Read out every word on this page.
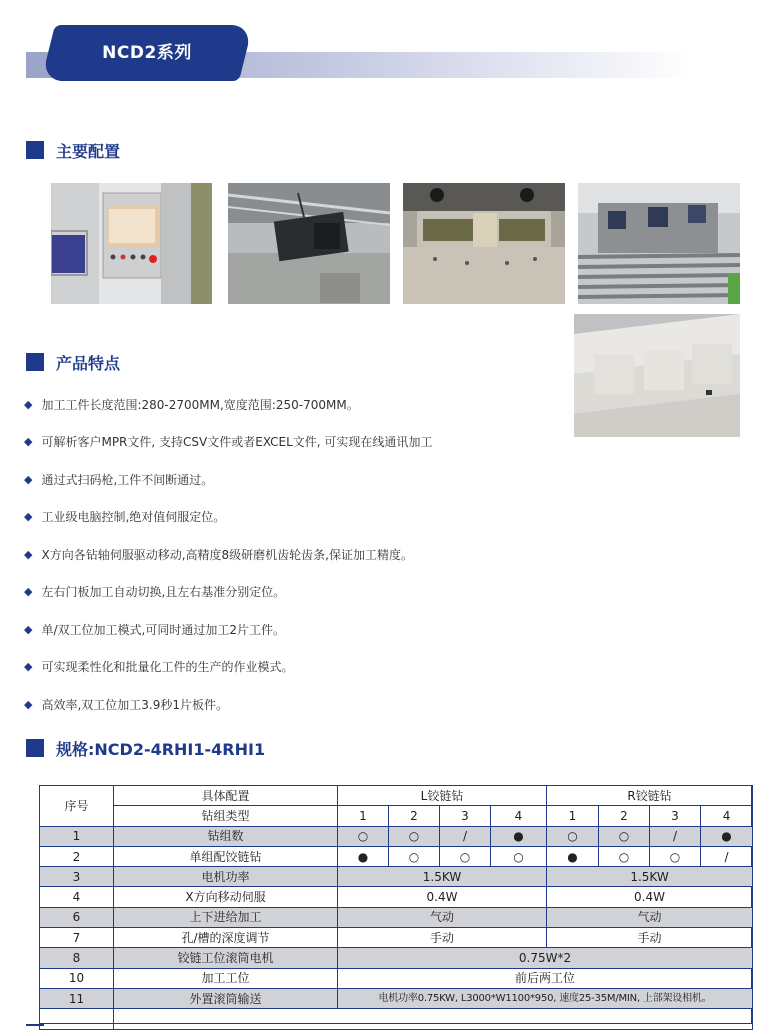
NCD2系列
主要配置
产品特点
◆ 加工工件长度范围:280-2700MM,宽度范围:250-700MM。
◆ 可解析客户MPR文件, 支持CSV文件或者EXCEL文件, 可实现在线通讯加工
◆ 通过式扫码枪,工件不间断通过。
◆ 工业级电脑控制,绝对值伺服定位。
◆ X方向各钻轴伺服驱动移动,高精度8级研磨机齿轮齿条,保证加工精度。
◆ 左右门板加工自动切换,且左右基准分别定位。
◆ 单/双工位加工模式,可同时通过加工2片工件。
◆ 可实现柔性化和批量化工件的生产的作业模式。
◆ 高效率,双工位加工3.9秒1片板件。
规格:NCD2-4RHI1-4RHI1
序号	具体配置	L铰链钻				R铰链钻			
	钻组类型	1	2	3	4	1	2	3	4
1	钻组数	○	○	/	●	○	○	/	●
2	单组配饺链钻	●	○	○	○	●	○	○	/
3	电机功率	1.5KW				1.5KW			
4	X方向移动伺服	0.4W				0.4W			
6	上下进给加工	气动				气动			
7	孔/槽的深度调节	手动				手动			
8	铰链工位滚筒电机	0.75W*2							
10	加工工位	前后两工位							
11	外置滚筒输送	电机功率0.75KW, L3000*W1100*950, 速度25-35M/MIN, 上部架设相机。							
